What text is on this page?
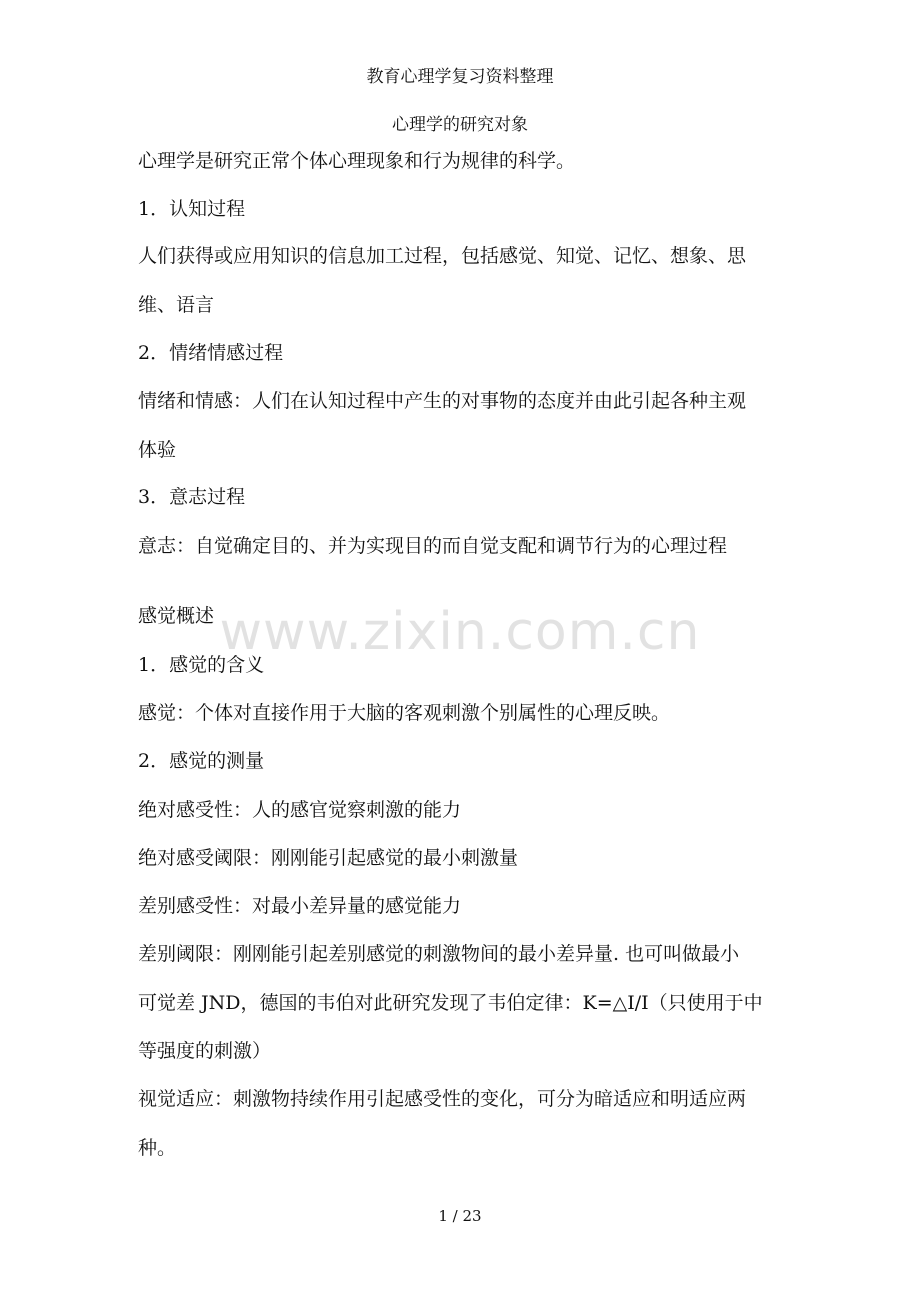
教育心理学复习资料整理
心理学的研究对象
心理学是研究正常个体心理现象和行为规律的科学。
1．认知过程
人们获得或应用知识的信息加工过程，包括感觉、知觉、记忆、想象、思
维、语言
2．情绪情感过程
情绪和情感：人们在认知过程中产生的对事物的态度并由此引起各种主观
体验
3．意志过程
意志：自觉确定目的、并为实现目的而自觉支配和调节行为的心理过程
感觉概述
1．感觉的含义
感觉：个体对直接作用于大脑的客观刺激个别属性的心理反映。
2．感觉的测量
绝对感受性：人的感官觉察刺激的能力
绝对感受阈限：刚刚能引起感觉的最小刺激量
差别感受性：对最小差异量的感觉能力
差别阈限：刚刚能引起差别感觉的刺激物间的最小差异量. 也可叫做最小
可觉差 JND，德国的韦伯对此研究发现了韦伯定律：K=△I/I（只使用于中
等强度的刺激）
视觉适应：刺激物持续作用引起感受性的变化，可分为暗适应和明适应两
种。
www.zixin.com.cn
1 / 23
